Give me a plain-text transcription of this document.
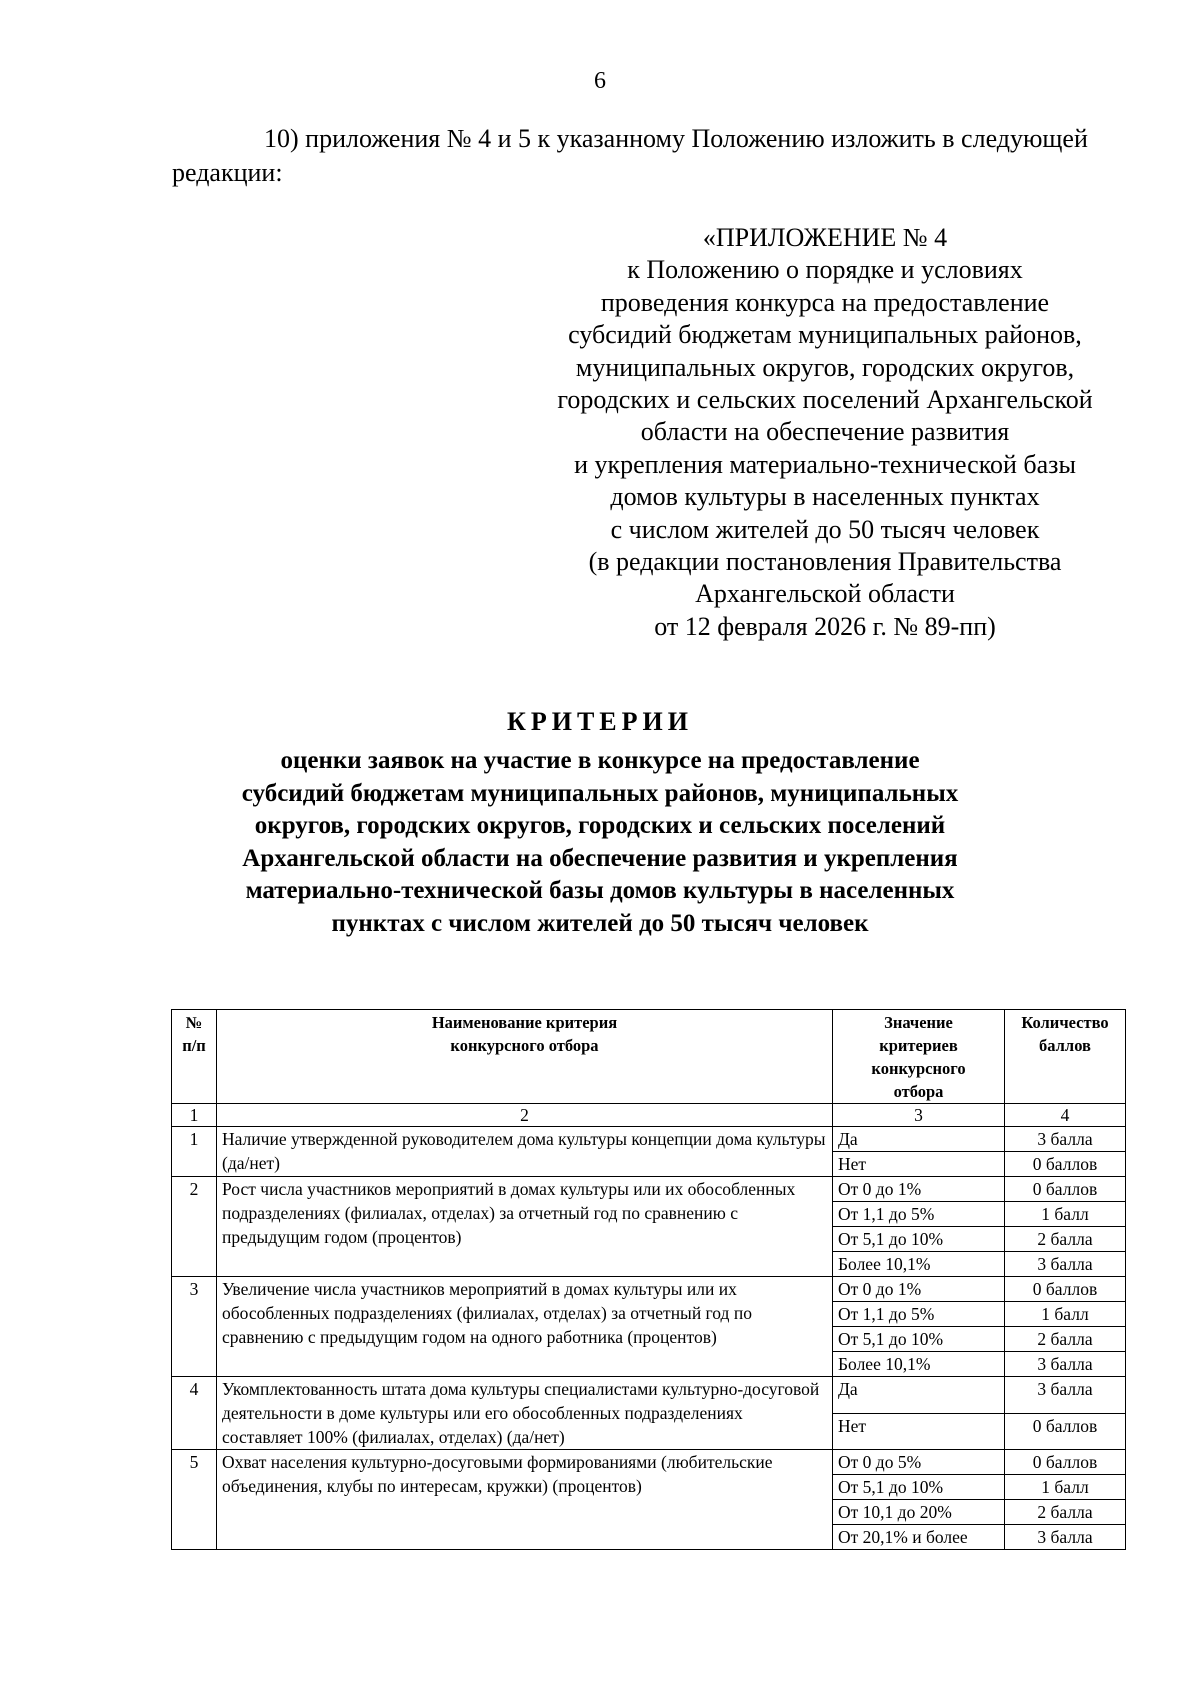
6
10) приложения № 4 и 5 к указанному Положению изложить в следующей редакции:
«ПРИЛОЖЕНИЕ № 4
к Положению о порядке и условиях
проведения конкурса на предоставление
субсидий бюджетам муниципальных районов,
муниципальных округов, городских округов,
городских и сельских поселений Архангельской
области на обеспечение развития
и укрепления материально-технической базы
домов культуры в населенных пунктах
с числом жителей до 50 тысяч человек
(в редакции постановления Правительства
Архангельской области
от 12 февраля 2026 г. № 89-пп)
КРИТЕРИИ
оценки заявок на участие в конкурсе на предоставление
субсидий бюджетам муниципальных районов, муниципальных
округов, городских округов, городских и сельских поселений
Архангельской области на обеспечение развития и укрепления
материально-технической базы домов культуры в населенных
пунктах с числом жителей до 50 тысяч человек
№ п/п	Наименование критерия конкурсного отбора	Значение критериев конкурсного отбора	Количество баллов
1	2	3	4
1	Наличие утвержденной руководителем дома культуры концепции дома культуры (да/нет)	Да	3 балла
		Нет	0 баллов
2	Рост числа участников мероприятий в домах культуры или их обособленных подразделениях (филиалах, отделах) за отчетный год по сравнению с предыдущим годом (процентов)	От 0 до 1%	0 баллов
		От 1,1 до 5%	1 балл
		От 5,1 до 10%	2 балла
		Более 10,1%	3 балла
3	Увеличение числа участников мероприятий в домах культуры или их обособленных подразделениях (филиалах, отделах) за отчетный год по сравнению с предыдущим годом на одного работника (процентов)	От 0 до 1%	0 баллов
		От 1,1 до 5%	1 балл
		От 5,1 до 10%	2 балла
		Более 10,1%	3 балла
4	Укомплектованность штата дома культуры специалистами культурно-досуговой деятельности в доме культуры или его обособленных подразделениях составляет 100% (филиалах, отделах) (да/нет)	Да	3 балла
		Нет	0 баллов
5	Охват населения культурно-досуговыми формированиями (любительские объединения, клубы по интересам, кружки) (процентов)	От 0 до 5%	0 баллов
		От 5,1 до 10%	1 балл
		От 10,1 до 20%	2 балла
		От 20,1% и более	3 балла
